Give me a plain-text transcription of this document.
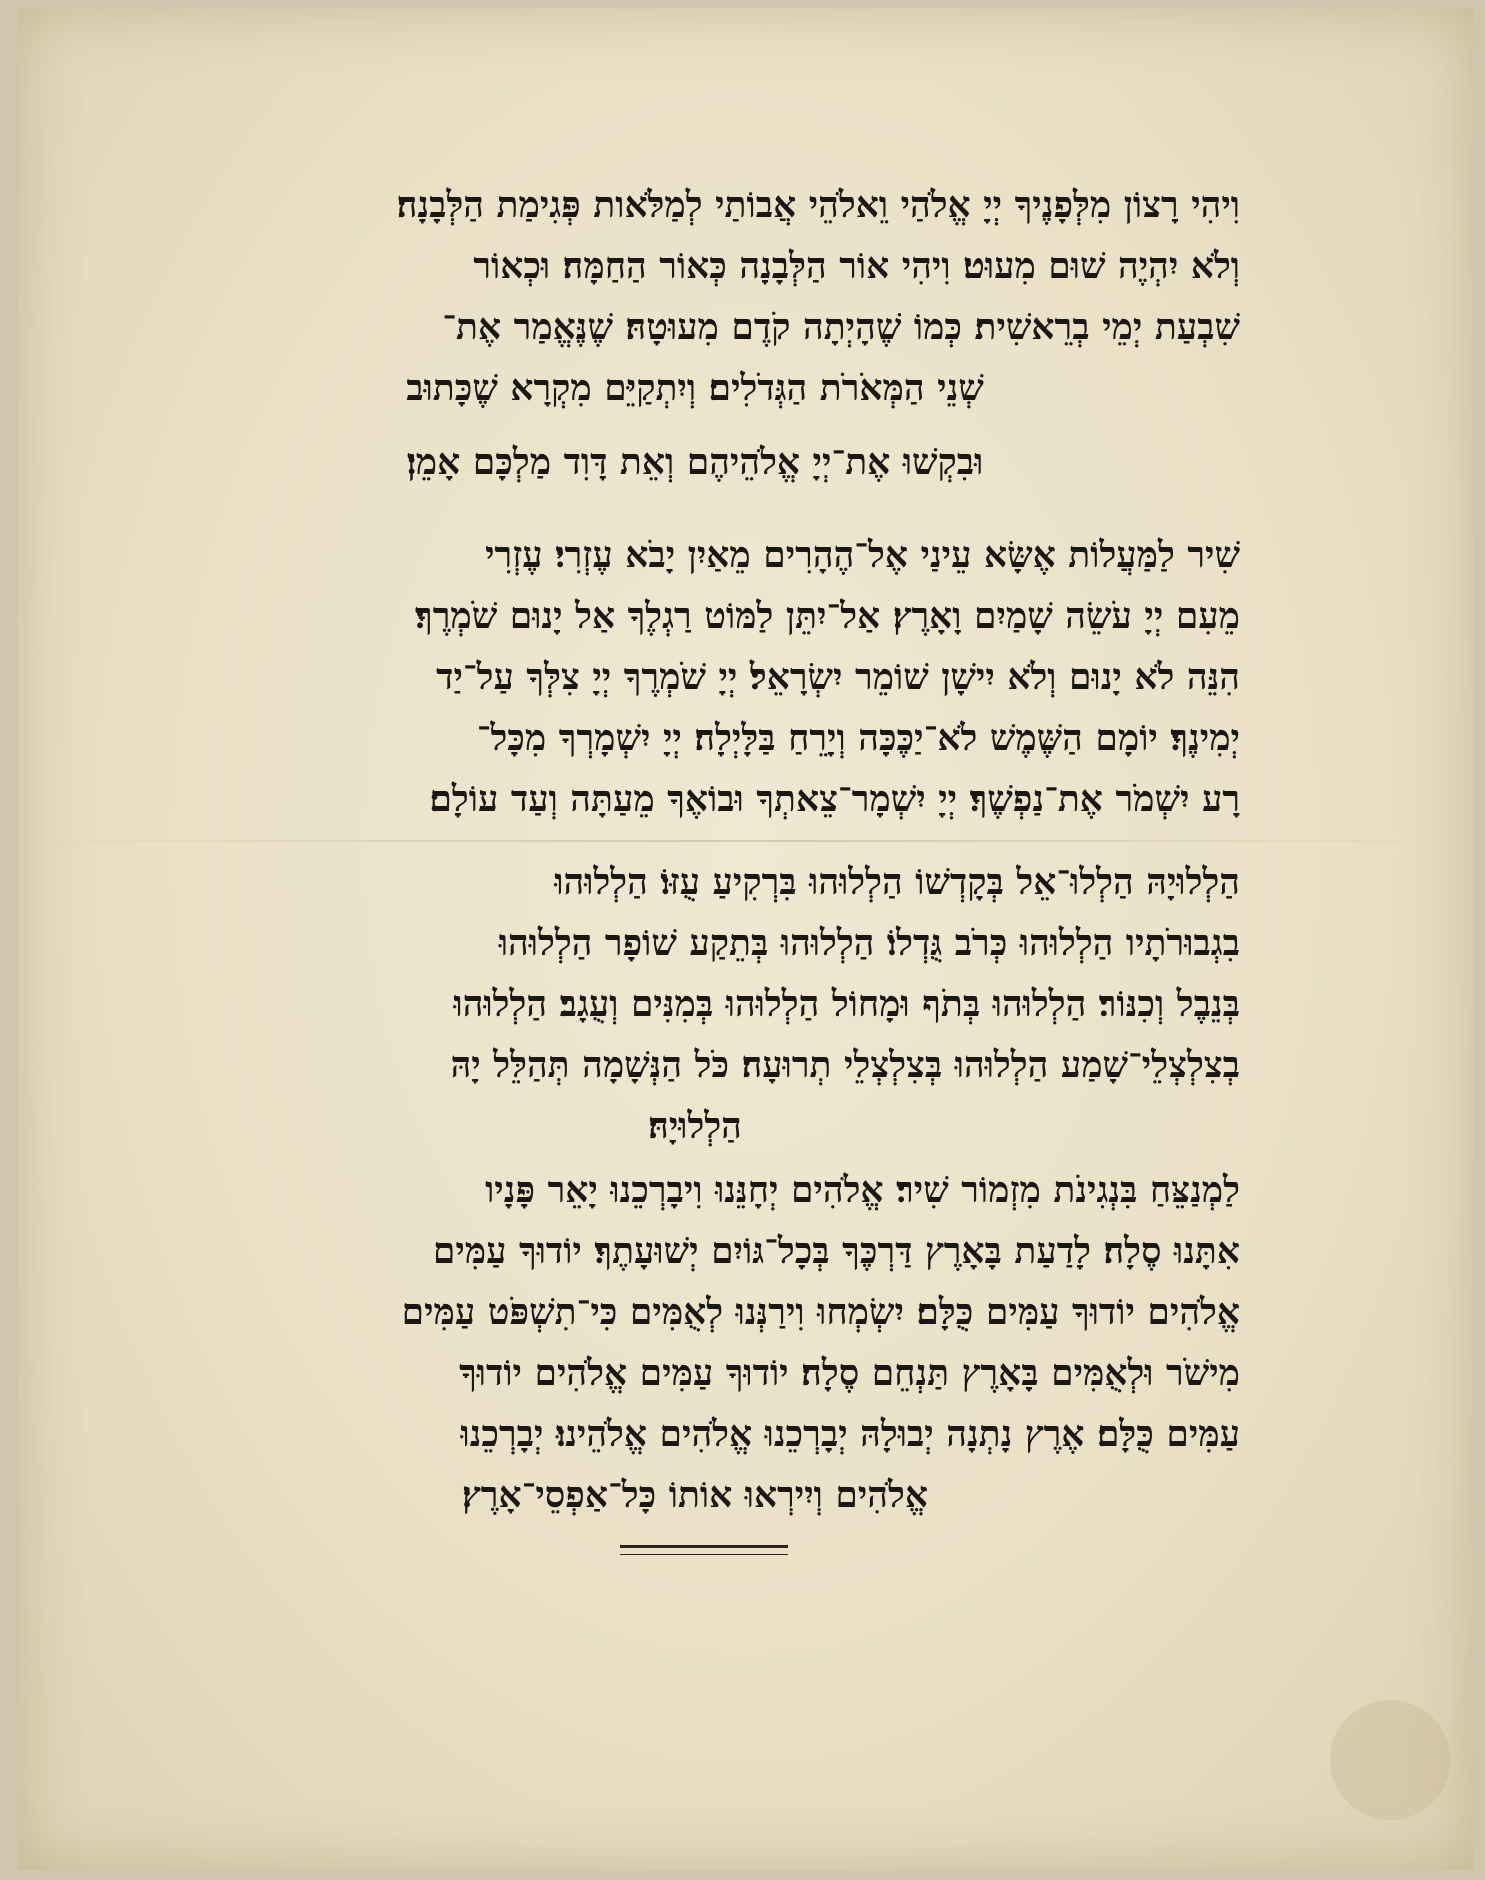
וִיהִי רָצוֹן מִלְּפָנֶיךָ יְיָ אֱלֹהַי וֵאלֹהֵי אֲבוֹתַי לְמַלֹּאות פְּגִימַת הַלְּבָנָה׃
וְלֹא יִהְיֶה שׁוּם מִעוּט׃ וִיהִי אוֹר הַלְּבָנָה כְּאוֹר הַחַמָּה׃ וּכְאוֹר
שִׁבְעַת יְמֵי בְרֵאשִׁית׃ כְּמוֹ שֶׁהָיְתָה קֹדֶם מִעוּטָהּ׃ שֶׁנֶּאֱמַר אֶת־
שְׁנֵי הַמְּאֹרֹת הַגְּדֹלִים׃ וְיִתְקַיֵּם מִקְרָא שֶׁכָּתוּב
וּבִקְשׁוּ אֶת־יְיָ אֱלֹהֵיהֶם וְאֵת דָּוִד מַלְכָּם אָמֵן׃
שִׁיר לַמַּעֲלוֹת אֶשָּׂא עֵינַי אֶל־הֶהָרִים מֵאַיִן יָבֹא עֶזְרִי׃ עֶזְרִי
מֵעִם יְיָ עֹשֵׂה שָׁמַיִם וָאָרֶץ׃ אַל־יִתֵּן לַמּוֹט רַגְלֶךָ אַל יָנוּם שֹׁמְרֶךָ׃
הִנֵּה לֹא יָנוּם וְלֹא יִישָׁן שׁוֹמֵר יִשְׂרָאֵל׃ יְיָ שֹׁמְרֶךָ יְיָ צִלְּךָ עַל־יַד
יְמִינֶךָ׃ יוֹמָם הַשֶּׁמֶשׁ לֹא־יַכֶּכָּה וְיָרֵחַ בַּלָּיְלָה׃ יְיָ יִשְׁמָרְךָ מִכָּל־
רָע יִשְׁמֹר אֶת־נַפְשֶׁךָ׃ יְיָ יִשְׁמָר־צֵאתְךָ וּבוֹאֶךָ מֵעַתָּה וְעַד עוֹלָם׃
הַלְלוּיָהּ הַלְלוּ־אֵל בְּקָדְשׁוֹ הַלְלוּהוּ בִּרְקִיעַ עֻזּוֹ׃ הַלְלוּהוּ
בִגְבוּרֹתָיו הַלְלוּהוּ כְּרֹב גֻּדְלוֹ׃ הַלְלוּהוּ בְּתֵקַע שׁוֹפָר הַלְלוּהוּ
בְּנֵבֶל וְכִנּוֹר׃ הַלְלוּהוּ בְּתֹף וּמָחוֹל הַלְלוּהוּ בְּמִנִּים וְעֻגָב׃ הַלְלוּהוּ
בְצִלְצְלֵי־שָׁמַע הַלְלוּהוּ בְּצִלְצְלֵי תְרוּעָה׃ כֹּל הַנְּשָׁמָה תְּהַלֵּל יָהּ
הַלְלוּיָהּ׃
לַמְנַצֵּחַ בִּנְגִינֹת מִזְמוֹר שִׁיר׃ אֱלֹהִים יְחָנֵּנוּ וִיבָרְכֵנוּ יָאֵר פָּנָיו
אִתָּנוּ סֶלָה׃ לָדַעַת בָּאָרֶץ דַּרְכֶּךָ בְּכָל־גּוֹיִם יְשׁוּעָתֶךָ׃ יוֹדוּךָ עַמִּים
אֱלֹהִים יוֹדוּךָ עַמִּים כֻּלָּם׃ יִשְׂמְחוּ וִירַנְּנוּ לְאֻמִּים כִּי־תִשְׁפֹּט עַמִּים
מִישֹׁר וּלְאֻמִּים בָּאָרֶץ תַּנְחֵם סֶלָה׃ יוֹדוּךָ עַמִּים אֱלֹהִים יוֹדוּךָ
עַמִּים כֻּלָּם׃ אֶרֶץ נָתְנָה יְבוּלָהּ יְבָרְכֵנוּ אֱלֹהִים אֱלֹהֵינוּ׃ יְבָרְכֵנוּ
אֱלֹהִים וְיִירְאוּ אוֹתוֹ כָּל־אַפְסֵי־אָרֶץ׃
